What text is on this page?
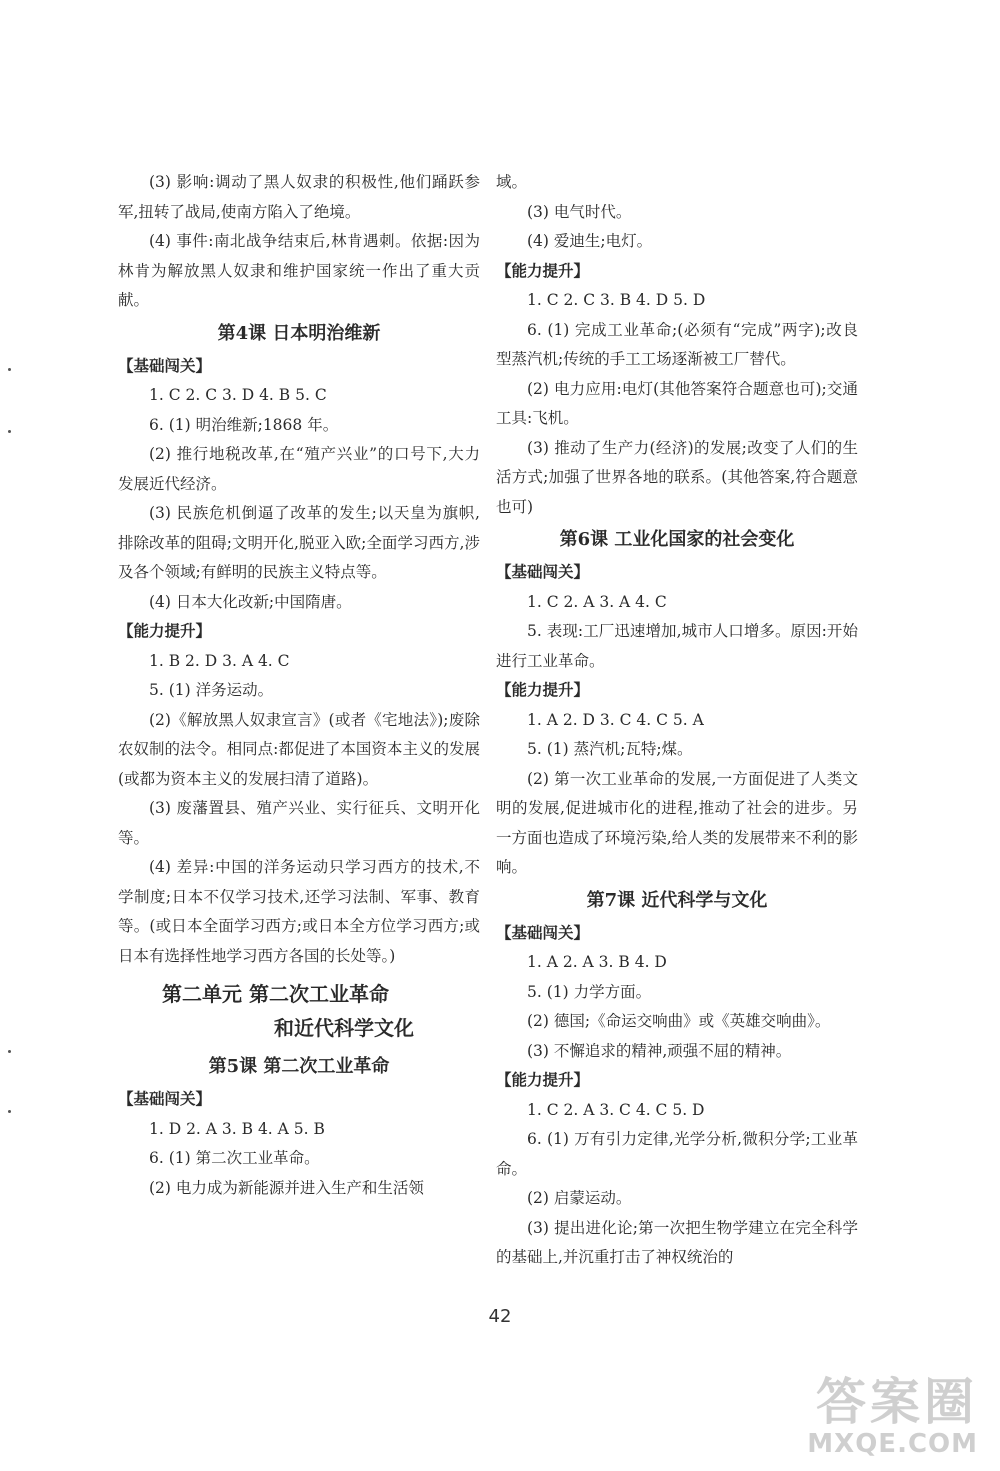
(3) 影响:调动了黑人奴隶的积极性,他们踊跃参军,扭转了战局,使南方陷入了绝境。
(4) 事件:南北战争结束后,林肯遇刺。依据:因为林肯为解放黑人奴隶和维护国家统一作出了重大贡献。
第4课 日本明治维新
【基础闯关】
1. C 2. C 3. D 4. B 5. C
6. (1) 明治维新;1868 年。
(2) 推行地税改革,在“殖产兴业”的口号下,大力发展近代经济。
(3) 民族危机倒逼了改革的发生;以天皇为旗帜,排除改革的阻碍;文明开化,脱亚入欧;全面学习西方,涉及各个领域;有鲜明的民族主义特点等。
(4) 日本大化改新;中国隋唐。
【能力提升】
1. B 2. D 3. A 4. C
5. (1) 洋务运动。
(2)《解放黑人奴隶宣言》(或者《宅地法》);废除农奴制的法令。相同点:都促进了本国资本主义的发展(或都为资本主义的发展扫清了道路)。
(3) 废藩置县、殖产兴业、实行征兵、文明开化等。
(4) 差异:中国的洋务运动只学习西方的技术,不学制度;日本不仅学习技术,还学习法制、军事、教育等。(或日本全面学习西方;或日本全方位学习西方;或日本有选择性地学习西方各国的长处等。)
第二单元 第二次工业革命
和近代科学文化
第5课 第二次工业革命
【基础闯关】
1. D 2. A 3. B 4. A 5. B
6. (1) 第二次工业革命。
(2) 电力成为新能源并进入生产和生活领
域。
(3) 电气时代。
(4) 爱迪生;电灯。
【能力提升】
1. C 2. C 3. B 4. D 5. D
6. (1) 完成工业革命;(必须有“完成”两字);改良型蒸汽机;传统的手工工场逐渐被工厂替代。
(2) 电力应用:电灯(其他答案符合题意也可);交通工具:飞机。
(3) 推动了生产力(经济)的发展;改变了人们的生活方式;加强了世界各地的联系。(其他答案,符合题意也可)
第6课 工业化国家的社会变化
【基础闯关】
1. C 2. A 3. A 4. C
5. 表现:工厂迅速增加,城市人口增多。原因:开始进行工业革命。
【能力提升】
1. A 2. D 3. C 4. C 5. A
5. (1) 蒸汽机;瓦特;煤。
(2) 第一次工业革命的发展,一方面促进了人类文明的发展,促进城市化的进程,推动了社会的进步。另一方面也造成了环境污染,给人类的发展带来不利的影响。
第7课 近代科学与文化
【基础闯关】
1. A 2. A 3. B 4. D
5. (1) 力学方面。
(2) 德国;《命运交响曲》或《英雄交响曲》。
(3) 不懈追求的精神,顽强不屈的精神。
【能力提升】
1. C 2. A 3. C 4. C 5. D
6. (1) 万有引力定律,光学分析,微积分学;工业革命。
(2) 启蒙运动。
(3) 提出进化论;第一次把生物学建立在完全科学的基础上,并沉重打击了神权统治的
42
答案圈
MXQE.COM
